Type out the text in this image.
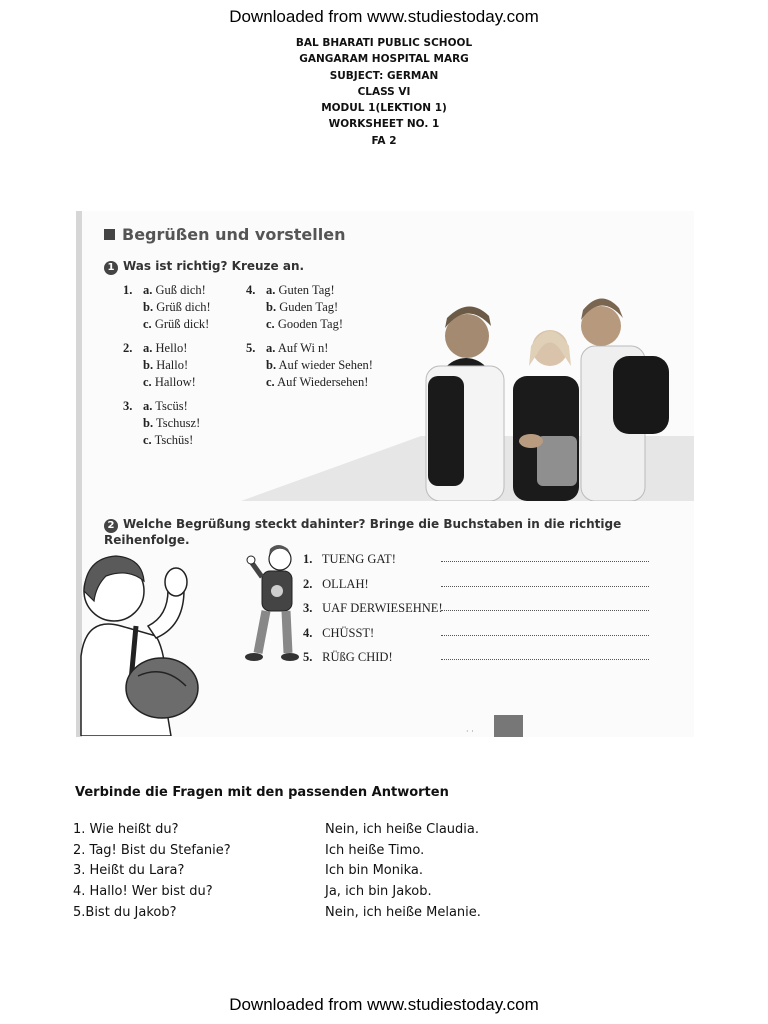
Downloaded from www.studiestoday.com
BAL BHARATI PUBLIC SCHOOL
GANGARAM HOSPITAL MARG
SUBJECT: GERMAN
CLASS VI
MODUL 1(LEKTION 1)
WORKSHEET NO. 1
FA 2
Begrüßen und vorstellen
1 Was ist richtig? Kreuze an.
1. a. Guß dich!
b. Grüß dich!
c. Grüß dick!
2. a. Hello!
b. Hallo!
c. Hallow!
3. a. Tscüs!
b. Tschusz!
c. Tschüs!
4. a. Guten Tag!
b. Guden Tag!
c. Gooden Tag!
5. a. Auf Wi n!
b. Auf wieder Sehen!
c. Auf Wiedersehen!
2 Welche Begrüßung steckt dahinter? Bringe die Buchstaben in die richtige Reihenfolge.
1. TUENG GAT!
2. OLLAH!
3. UAF DERWIESEHNE!
4. CHÜSST!
5. RÜßG CHID!
· ·
Verbinde die Fragen mit den passenden Antworten
1. Wie heißt du?
2. Tag! Bist du Stefanie?
3. Heißt du Lara?
4. Hallo! Wer bist du?
5.Bist du Jakob?
Nein, ich heiße Claudia.
Ich heiße Timo.
Ich bin Monika.
Ja, ich bin Jakob.
Nein, ich heiße Melanie.
Downloaded from www.studiestoday.com
